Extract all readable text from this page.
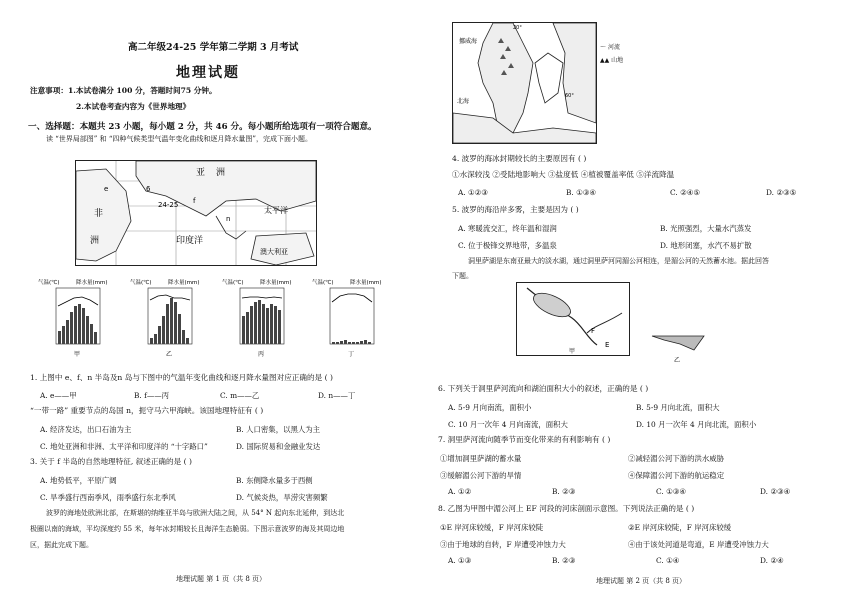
高二年级24-25 学年第二学期 3 月考试
地理试题
注意事项：1.本试卷满分 100 分，答题时间75 分钟。
2.本试卷考查内容为《世界地理》
一、选择题：本题共 23 小题，每小题 2 分，共 46 分。每小题所给选项有一项符合题意。
读 “世界局部图” 和 “四种气候类型气温年变化曲线和逐月降水量图”，完成下面小题。
亚 洲
非
洲
太平洋
印度洋
澳大利亚
e
f
n
6
24-25
气温(℃)	降水量(mm)
甲
气温(℃)	降水量(mm)
乙
气温(℃)	降水量(mm)
丙
气温(℃)	降水量(mm)
丁
1. 上图中 e、f、n 半岛及n 岛与下图中的气温年变化曲线和逐月降水量图对应正确的是 ( )
A. e——甲	B. f——丙	C. m——乙	D. n——丁
“一带一路” 重要节点的岛国 n，扼守马六甲海峡。该国地理特征有 ( )
A. 经济发达，出口石油为主	B. 人口密集，以黑人为主
C. 地处亚洲和非洲、太平洋和印度洋的 “十字路口”	D. 国际贸易和金融业发达
3. 关于 f 半岛的自然地理特征, 叙述正确的是 ( )
A. 地势低平，平原广阔	B. 东侧降水量多于西侧
C. 旱季盛行西南季风，雨季盛行东北季风	D. 气候炎热，旱涝灾害频繁
波罗的海地处欧洲北部，在斯堪的纳维亚半岛与欧洲大陆之间，从 54° N 起向东北延伸，到达北
极圈以南的海域，平均深度约 55 米，每年冰封期较长且海洋生态脆弱。下图示意波罗的海及其周边地
区，据此完成下题。
地理试题 第 1 页（共 8 页）
挪威海
北海
20°
60°
～ 河流
▲▲ 山地
4. 波罗的海冰封期较长的主要原因有 ( )
①水深较浅 ②受陆地影响大 ③盐度低 ④植被覆盖率低 ⑤洋流降温
A. ①②③	B. ①③④	C. ②④⑤	D. ②③⑤
5. 波罗的海沿岸多雾，主要是因为 ( )
A. 寒暖流交汇，终年温和湿润	B. 光照强烈，大量水汽蒸发
C. 位于极锋交界地带，多温泉	D. 地形闭塞，水汽不易扩散
洞里萨湖是东南亚最大的淡水湖，通过洞里萨河同湄公河相连，是湄公河的天然蓄水池。据此回答
下题。
F
E
甲
乙
6. 下列关于洞里萨河流向和湖泊面积大小的叙述，正确的是 ( )
A. 5-9 月向南流，面积小	B. 5-9 月向北流，面积大
C. 10 月一次年 4 月向南流，面积大	D. 10 月一次年 4 月向北流，面积小
7. 洞里萨河流向随季节而变化带来的有利影响有 ( )
①增加洞里萨湖的蓄水量	②减轻湄公河下游的洪水威胁
③缓解湄公河下游的旱情	④保障湄公河下游的航运稳定
A. ①②	B. ②③	C. ①③④	D. ②③④
8. 乙图为甲图中湄公河上 EF 河段的河床剖面示意图。下列说法正确的是 ( )
①E 岸河床较缓，F 岸河床较陡	②E 岸河床较陡，F 岸河床较缓
③由于地球的自转，F 岸遭受冲蚀力大	④由于该处河道是弯道，E 岸遭受冲蚀力大
A. ①③	B. ②③	C. ①④	D. ②④
地理试题 第 2 页（共 8 页）
